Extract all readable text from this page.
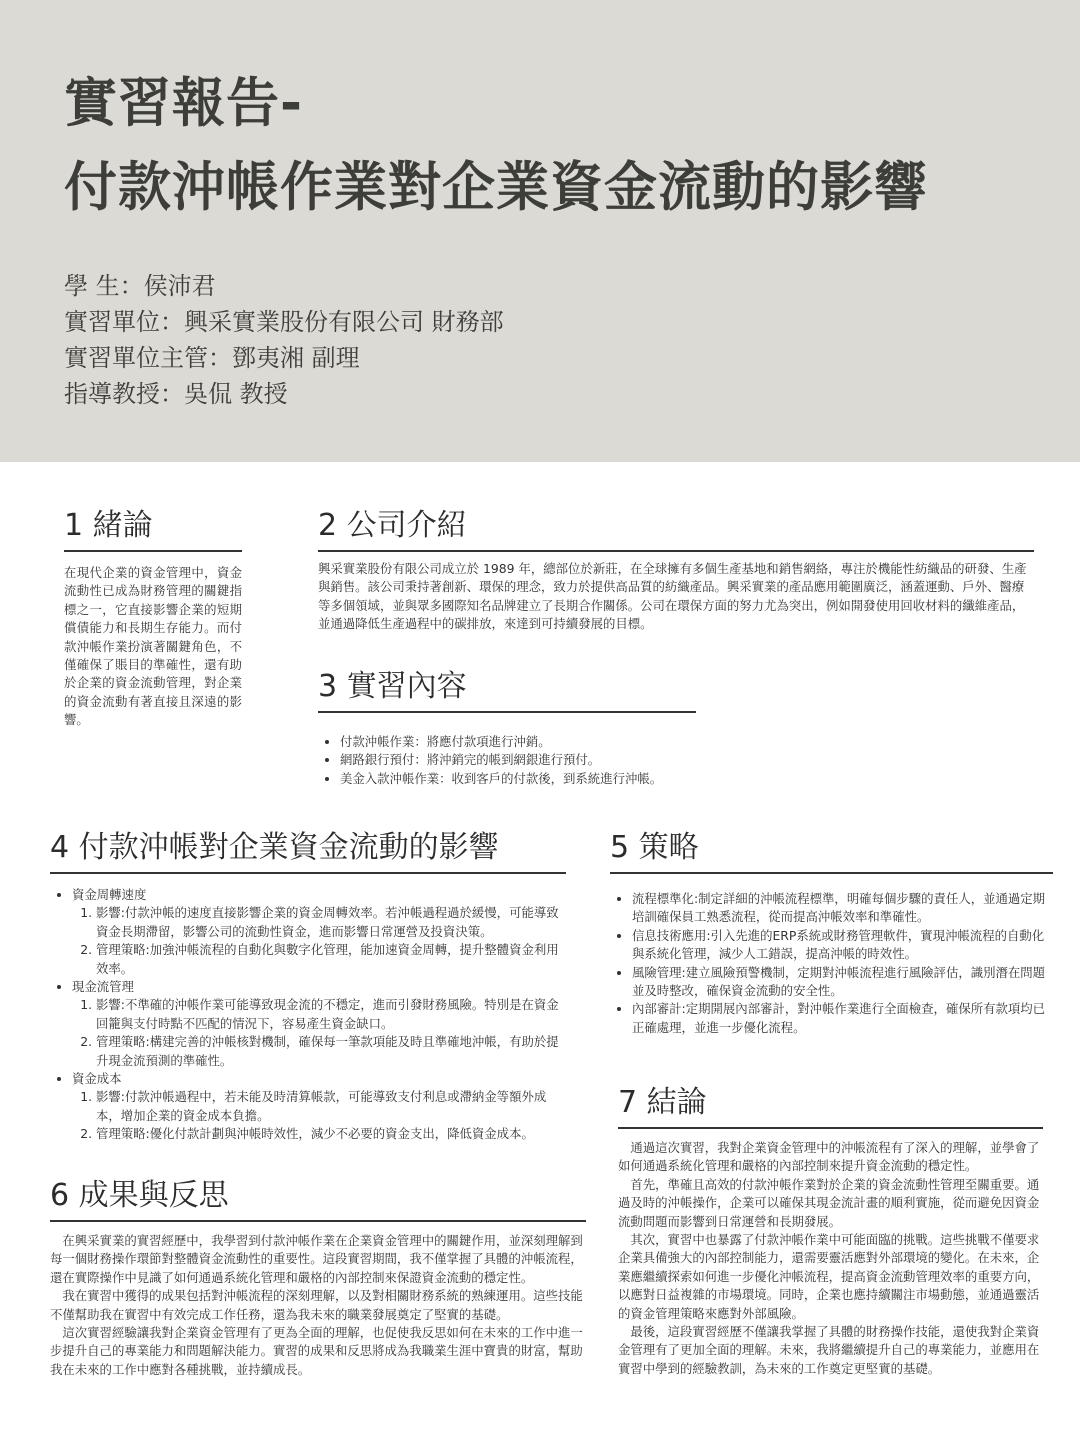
實習報告-
付款沖帳作業對企業資金流動的影響

學 生：侯沛君

實習單位：興采實業股份有限公司 財務部

實習單位主管：鄧夷湘 副理

指導教授：吳侃 教授

1 緒論

在現代企業的資金管理中，資金流動性已成為財務管理的關鍵指標之一，它直接影響企業的短期償債能力和長期生存能力。而付款沖帳作業扮演著關鍵角色，不僅確保了賬目的準確性，還有助於企業的資金流動管理，對企業的資金流動有著直接且深遠的影響。

2 公司介紹

興采實業股份有限公司成立於 1989 年，總部位於新莊，在全球擁有多個生產基地和銷售網絡，專注於機能性紡織品的研發、生產與銷售。該公司秉持著創新、環保的理念，致力於提供高品質的紡織產品。興采實業的產品應用範圍廣泛，涵蓋運動、戶外、醫療等多個領域，並與眾多國際知名品牌建立了長期合作關係。公司在環保方面的努力尤為突出，例如開發使用回收材料的纖維產品，並通過降低生產過程中的碳排放，來達到可持續發展的目標。

3 實習內容
• 付款沖帳作業：將應付款項進行沖銷。
• 網路銀行預付：將沖銷完的帳到網銀進行預付。
• 美金入款沖帳作業：收到客戶的付款後，到系統進行沖帳。
4 付款沖帳對企業資金流動的影響
• 資金周轉速度
1. 影響:付款沖帳的速度直接影響企業的資金周轉效率。若沖帳過程過於緩慢，可能導致資金長期滯留，影響公司的流動性資金，進而影響日常運營及投資決策。
2. 管理策略:加強沖帳流程的自動化與數字化管理，能加速資金周轉，提升整體資金利用效率。
• 現金流管理
1. 影響:不準確的沖帳作業可能導致現金流的不穩定，進而引發財務風險。特別是在資金回籠與支付時點不匹配的情況下，容易產生資金缺口。
2. 管理策略:構建完善的沖帳核對機制，確保每一筆款項能及時且準確地沖帳，有助於提升現金流預測的準確性。
• 資金成本
1. 影響:付款沖帳過程中，若未能及時清算帳款，可能導致支付利息或滯納金等額外成本，增加企業的資金成本負擔。
2. 管理策略:優化付款計劃與沖帳時效性，減少不必要的資金支出，降低資金成本。
5 策略
• 流程標準化:制定詳細的沖帳流程標準，明確每個步驟的責任人，並通過定期培訓確保員工熟悉流程，從而提高沖帳效率和準確性。
• 信息技術應用:引入先進的ERP系統或財務管理軟件，實現沖帳流程的自動化與系統化管理，減少人工錯誤，提高沖帳的時效性。
• 風險管理:建立風險預警機制，定期對沖帳流程進行風險評估，識別潛在問題並及時整改，確保資金流動的安全性。
• 內部審計:定期開展內部審計，對沖帳作業進行全面檢查，確保所有款項均已正確處理，並進一步優化流程。
6 成果與反思

在興采實業的實習經歷中，我學習到付款沖帳作業在企業資金管理中的關鍵作用，並深刻理解到每一個財務操作環節對整體資金流動性的重要性。這段實習期間，我不僅掌握了具體的沖帳流程，還在實際操作中見識了如何通過系統化管理和嚴格的內部控制來保證資金流動的穩定性。

我在實習中獲得的成果包括對沖帳流程的深刻理解，以及對相關財務系統的熟練運用。這些技能不僅幫助我在實習中有效完成工作任務，還為我未來的職業發展奠定了堅實的基礎。

這次實習經驗讓我對企業資金管理有了更為全面的理解，也促使我反思如何在未來的工作中進一步提升自己的專業能力和問題解決能力。實習的成果和反思將成為我職業生涯中寶貴的財富，幫助我在未來的工作中應對各種挑戰，並持續成長。

7 結論

通過這次實習，我對企業資金管理中的沖帳流程有了深入的理解，並學會了如何通過系統化管理和嚴格的內部控制來提升資金流動的穩定性。

首先，準確且高效的付款沖帳作業對於企業的資金流動性管理至關重要。通過及時的沖帳操作，企業可以確保其現金流計畫的順利實施，從而避免因資金流動問題而影響到日常運營和長期發展。

其次，實習中也暴露了付款沖帳作業中可能面臨的挑戰。這些挑戰不僅要求企業具備強大的內部控制能力，還需要靈活應對外部環境的變化。在未來，企業應繼續探索如何進一步優化沖帳流程，提高資金流動管理效率的重要方向，以應對日益複雜的市場環境。同時，企業也應持續關注市場動態，並通過靈活的資金管理策略來應對外部風險。

最後，這段實習經歷不僅讓我掌握了具體的財務操作技能，還使我對企業資金管理有了更加全面的理解。未來，我將繼續提升自己的專業能力，並應用在實習中學到的經驗教訓，為未來的工作奠定更堅實的基礎。
